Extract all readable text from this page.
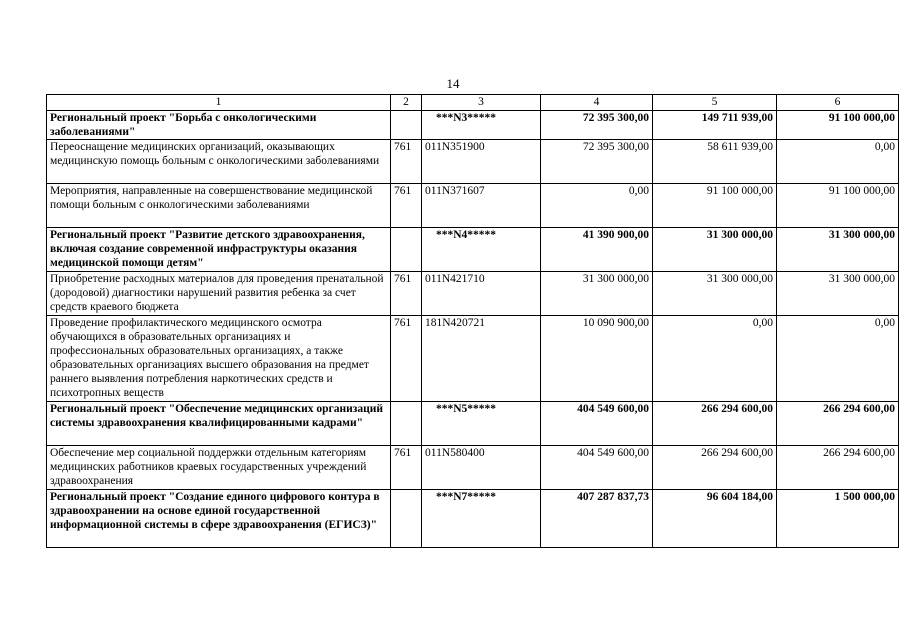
14
1	2	3	4	5	6
Региональный проект "Борьба с онкологическими заболеваниями"		***N3*****	72 395 300,00	149 711 939,00	91 100 000,00
Переоснащение медицинских организаций, оказывающих медицинскую помощь больным с онкологическими заболеваниями	761	011N351900	72 395 300,00	58 611 939,00	0,00
Мероприятия, направленные на совершенствование медицинской помощи больным с онкологическими заболеваниями	761	011N371607	0,00	91 100 000,00	91 100 000,00
Региональный проект "Развитие детского здравоохранения, включая создание современной инфраструктуры оказания медицинской помощи детям"		***N4*****	41 390 900,00	31 300 000,00	31 300 000,00
Приобретение расходных материалов для проведения пренатальной (дородовой) диагностики нарушений развития ребенка за счет средств краевого бюджета	761	011N421710	31 300 000,00	31 300 000,00	31 300 000,00
Проведение профилактического медицинского осмотра обучающихся в образовательных организациях и профессиональных образовательных организациях, а также образовательных организациях высшего образования на предмет раннего выявления потребления наркотических средств и психотропных веществ	761	181N420721	10 090 900,00	0,00	0,00
Региональный проект "Обеспечение медицинских организаций системы здравоохранения квалифицированными кадрами"		***N5*****	404 549 600,00	266 294 600,00	266 294 600,00
Обеспечение мер социальной поддержки отдельным категориям медицинских работников краевых государственных учреждений здравоохранения	761	011N580400	404 549 600,00	266 294 600,00	266 294 600,00
Региональный проект "Создание единого цифрового контура в здравоохранении на основе единой государственной информационной системы в сфере здравоохранения (ЕГИСЗ)"		***N7*****	407 287 837,73	96 604 184,00	1 500 000,00
